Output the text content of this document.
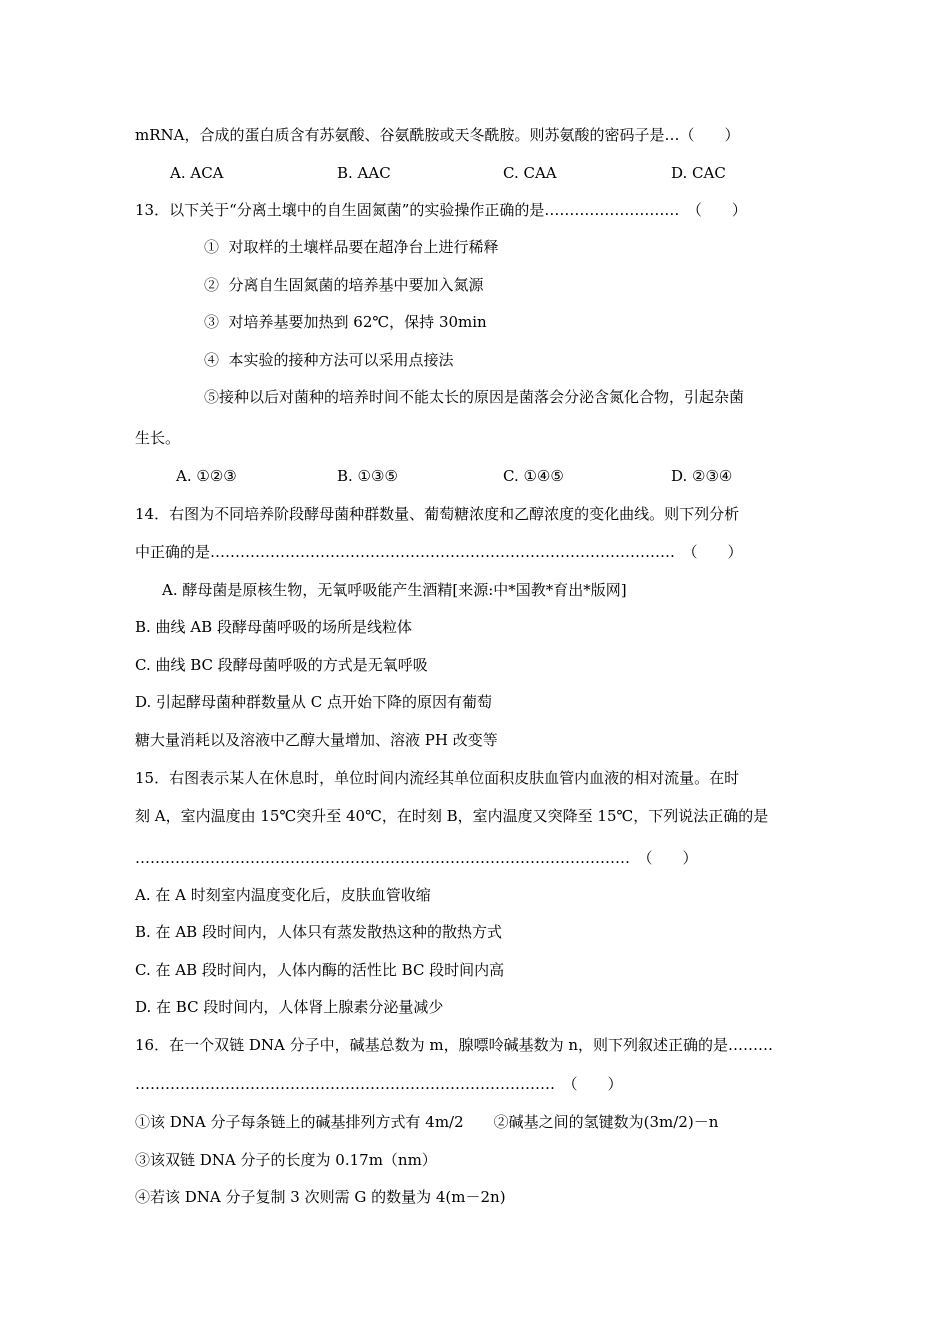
mRNA，合成的蛋白质含有苏氨酸、谷氨酰胺或天冬酰胺。则苏氨酸的密码子是…（　　）
A. ACA	B. AAC	C. CAA	D. CAC
13．以下关于“分离土壤中的自生固氮菌”的实验操作正确的是………………………　（　　）
①  对取样的土壤样品要在超净台上进行稀释
②  分离自生固氮菌的培养基中要加入氮源
③  对培养基要加热到 62℃，保持 30min
④  本实验的接种方法可以采用点接法
⑤接种以后对菌种的培养时间不能太长的原因是菌落会分泌含氮化合物，引起杂菌
生长。
A. ①②③	B. ①③⑤	C. ①④⑤	D. ②③④
14．右图为不同培养阶段酵母菌种群数量、葡萄糖浓度和乙醇浓度的变化曲线。则下列分析
中正确的是…………………………………………………………………………………　（　　）
A. 酵母菌是原核生物，无氧呼吸能产生酒精[来源:中*国教*育出*版网]
B. 曲线 AB 段酵母菌呼吸的场所是线粒体
C. 曲线 BC 段酵母菌呼吸的方式是无氧呼吸
D. 引起酵母菌种群数量从 C 点开始下降的原因有葡萄
糖大量消耗以及溶液中乙醇大量增加、溶液 PH 改变等
15．右图表示某人在休息时，单位时间内流经其单位面积皮肤血管内血液的相对流量。在时
刻 A，室内温度由 15℃突升至 40℃，在时刻 B，室内温度又突降至 15℃，下列说法正确的是
………………………………………………………………………………………　（　　）
A. 在 A 时刻室内温度变化后，皮肤血管收缩
B. 在 AB 段时间内，人体只有蒸发散热这种的散热方式
C. 在 AB 段时间内，人体内酶的活性比 BC 段时间内高
D. 在 BC 段时间内，人体肾上腺素分泌量减少
16．在一个双链 DNA 分子中，碱基总数为 m，腺嘌呤碱基数为 n，则下列叙述正确的是………
…………………………………………………………………………　（　　）
①该 DNA 分子每条链上的碱基排列方式有 4m/2　　②碱基之间的氢键数为(3m/2)－n
③该双链 DNA 分子的长度为 0.17m（nm）
④若该 DNA 分子复制 3 次则需 G 的数量为 4(m－2n)
